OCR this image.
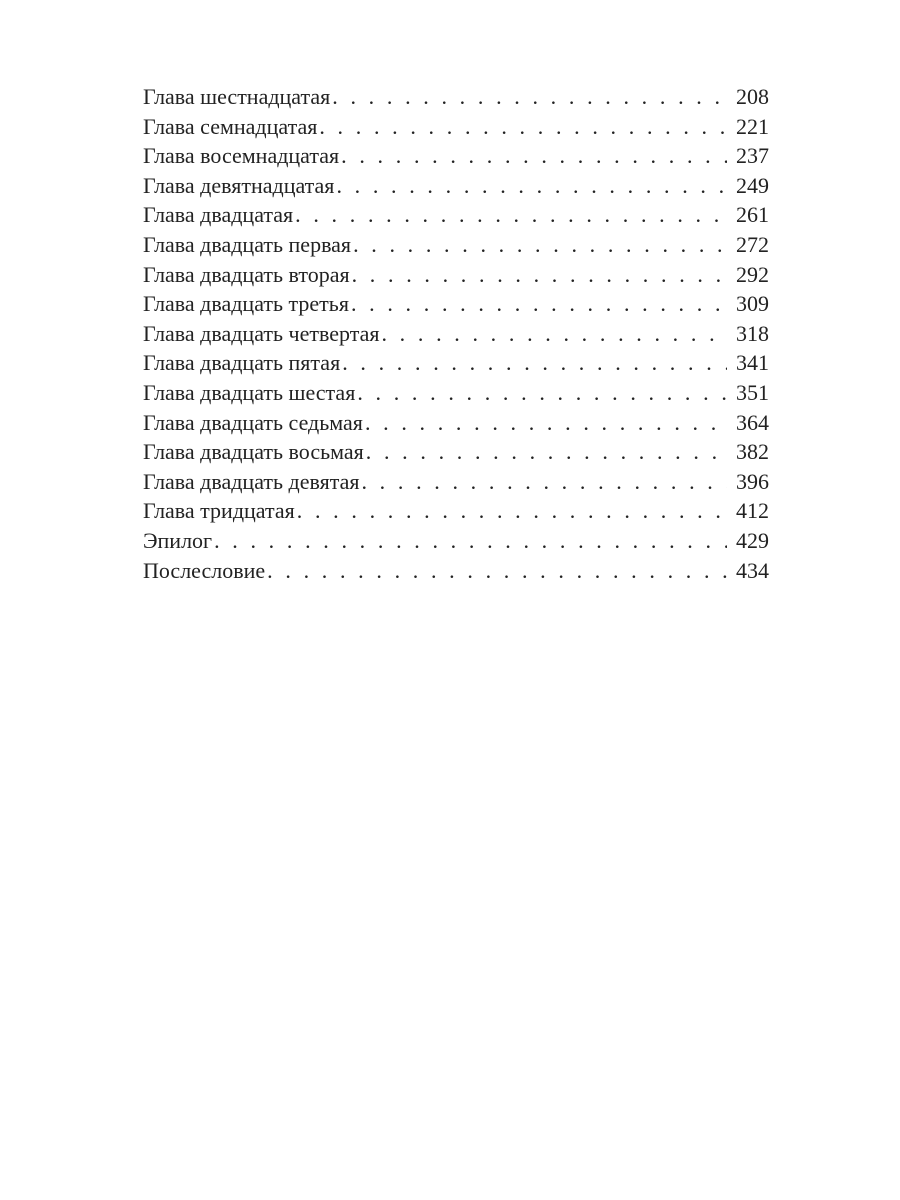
Глава шестнадцатая . . .	208
Глава семнадцатая . . .	221
Глава восемнадцатая . . .	237
Глава девятнадцатая . . .	249
Глава двадцатая . . .	261
Глава двадцать первая . . .	272
Глава двадцать вторая . . .	292
Глава двадцать третья . . .	309
Глава двадцать четвертая . . .	318
Глава двадцать пятая . . .	341
Глава двадцать шестая . . .	351
Глава двадцать седьмая . . .	364
Глава двадцать восьмая . . .	382
Глава двадцать девятая . . .	396
Глава тридцатая . . .	412
Эпилог . . .	429
Послесловие . . .	434
